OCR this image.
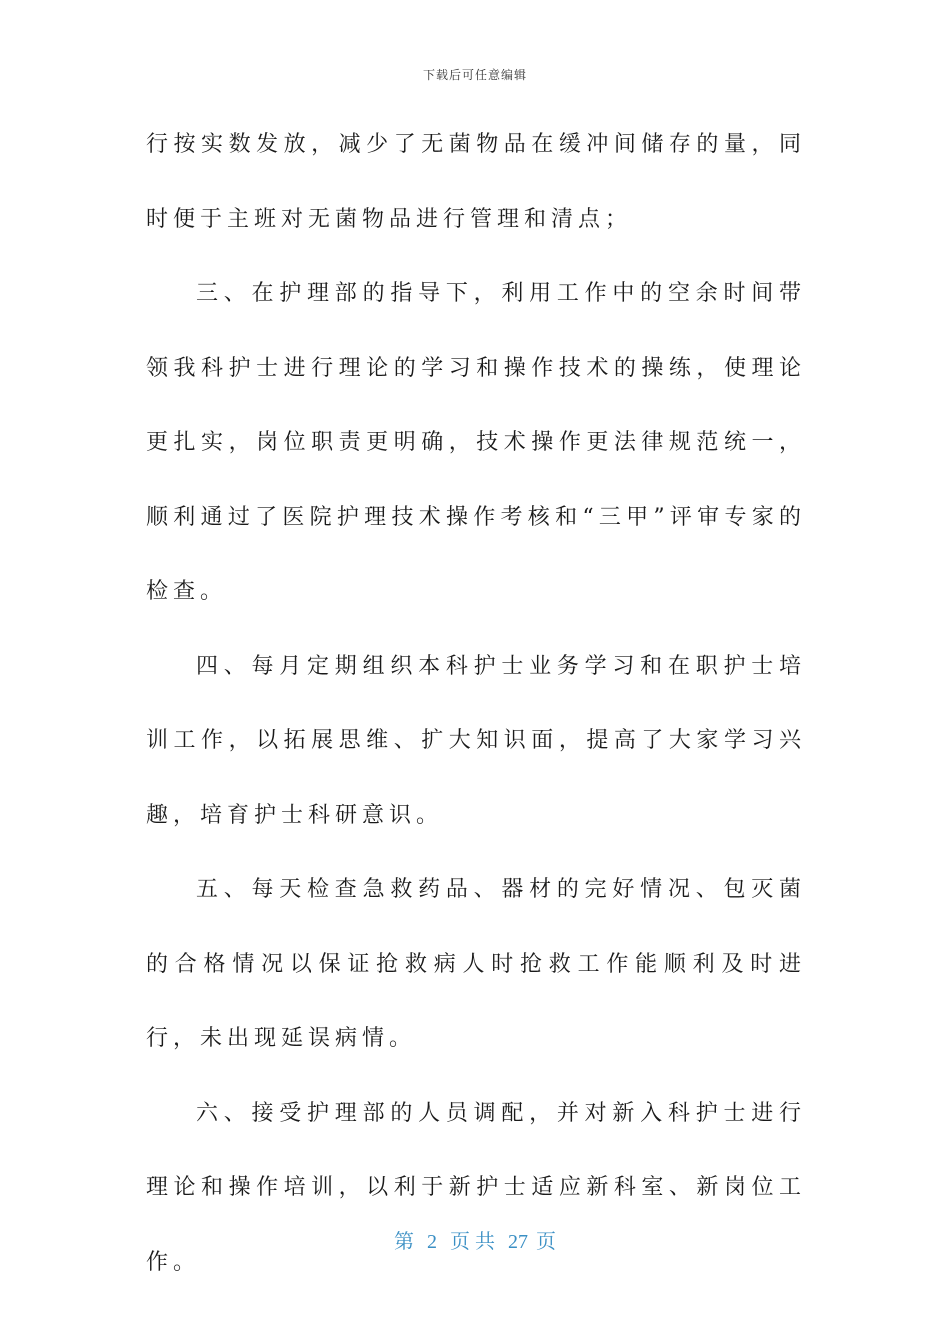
下载后可任意编辑

行按实数发放，减少了无菌物品在缓冲间储存的量，同时便于主班对无菌物品进行管理和清点；

三、在护理部的指导下，利用工作中的空余时间带领我科护士进行理论的学习和操作技术的操练，使理论更扎实，岗位职责更明确，技术操作更法律规范统一，顺利通过了医院护理技术操作考核和“三甲”评审专家的检查。

四、每月定期组织本科护士业务学习和在职护士培训工作，以拓展思维、扩大知识面，提高了大家学习兴趣，培育护士科研意识。

五、每天检查急救药品、器材的完好情况、包灭菌的合格情况以保证抢救病人时抢救工作能顺利及时进行，未出现延误病情。

六、接受护理部的人员调配，并对新入科护士进行理论和操作培训，以利于新护士适应新科室、新岗位工作。

第 2 页 共 27 页
